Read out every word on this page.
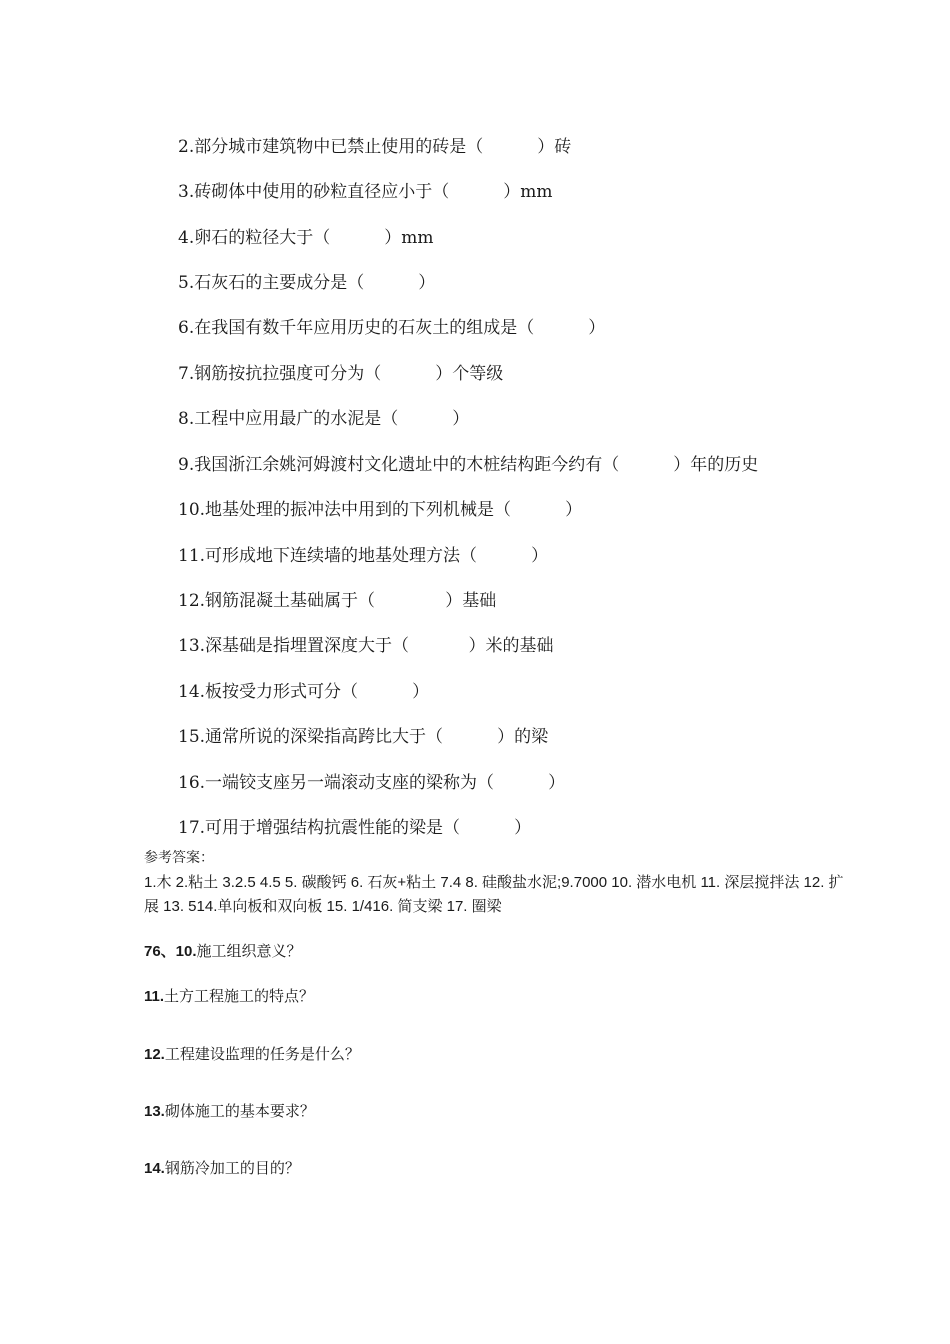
2.部分城市建筑物中已禁止使用的砖是（          ）砖

3.砖砌体中使用的砂粒直径应小于（          ）mm

4.卵石的粒径大于（          ）mm

5.石灰石的主要成分是（          ）

6.在我国有数千年应用历史的石灰土的组成是（          ）

7.钢筋按抗拉强度可分为（          ）个等级

8.工程中应用最广的水泥是（          ）

9.我国浙江余姚河姆渡村文化遗址中的木桩结构距今约有（          ）年的历史

10.地基处理的振冲法中用到的下列机械是（          ）

11.可形成地下连续墙的地基处理方法（          ）

12.钢筋混凝土基础属于（             ）基础

13.深基础是指埋置深度大于（           ）米的基础

14.板按受力形式可分（          ）

15.通常所说的深梁指高跨比大于（          ）的梁

16.一端铰支座另一端滚动支座的梁称为（          ）

17.可用于增强结构抗震性能的梁是（          ）

参考答案：

1.木 2.粘土 3.2.5 4.5 5. 碳酸钙 6. 石灰+粘土 7.4 8. 硅酸盐水泥;9.7000 10. 潜水电机 11. 深层搅拌法 12. 扩展 13. 514.单向板和双向板 15. 1/416. 简支梁 17. 圈梁

76、10.施工组织意义？

11.土方工程施工的特点？

12.工程建设监理的任务是什么？

13.砌体施工的基本要求？

14.钢筋冷加工的目的？
